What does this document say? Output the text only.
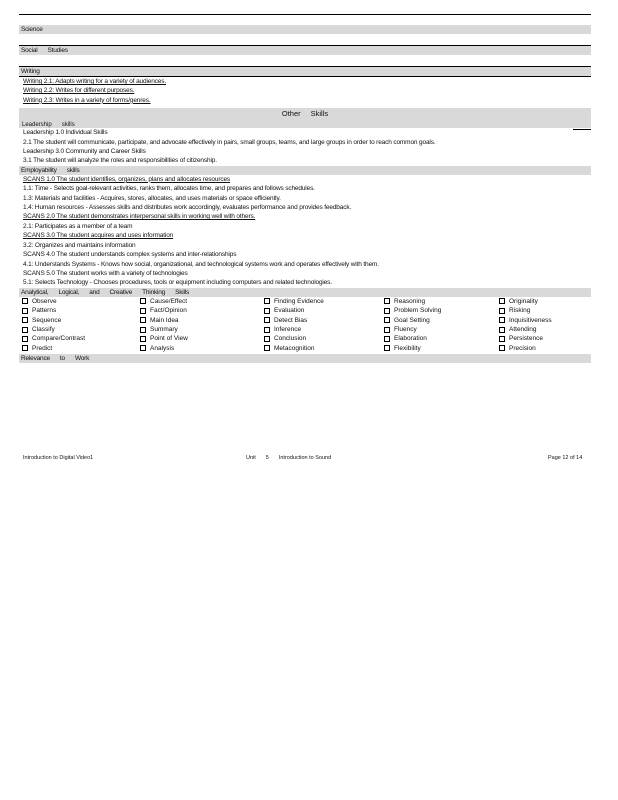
Science
Social Studies
Writing
Writing 2.1: Adapts writing for a variety of audiences.
Writing 2.2: Writes for different purposes.
Writing 2.3: Writes in a variety of forms/genres.
Other Skills
Leadership skills
Leadership 1.0 Individual Skills
2.1 The student will communicate, participate, and advocate effectively in pairs, small groups, teams, and large groups in order to reach common goals.
Leadership 3.0 Community and Career Skills
3.1 The student will analyze the roles and responsibilities of citizenship.
Employability skills
SCANS 1.0 The student identifies, organizes, plans and allocates resources
1.1: Time - Selects goal-relevant activities, ranks them, allocates time, and prepares and follows schedules.
1.3: Materials and facilities - Acquires, stores, allocates, and uses materials or space efficiently.
1.4: Human resources - Assesses skills and distributes work accordingly, evaluates performance and provides feedback.
SCANS 2.0 The student demonstrates interpersonal skills in working well with others.
2.1: Participates as a member of a team
SCANS 3.0 The student acquires and uses information
3.2: Organizes and maintains information
SCANS 4.0 The student understands complex systems and inter-relationships
4.1: Understands Systems - Knows how social, organizational, and technological systems work and operates effectively with them.
SCANS 5.0 The student works with a variety of technologies
5.1: Selects Technology - Chooses procedures, tools or equipment including computers and related technologies.
Analytical, Logical, and Creative Thinking Skills
Observe	Cause/Effect	Finding Evidence	Reasoning	Originality
Patterns	Fact/Opinion	Evaluation	Problem Solving	Risking
Sequence	Main Idea	Detect Bias	Goal Setting	Inquisitiveness
Classify	Summary	Inference	Fluency	Attending
Compare/Contrast	Point of View	Conclusion	Elaboration	Persistence
Predict	Analysis	Metacognition	Flexibility	Precision
Relevance to Work
Introduction to Digital Video1	Unit 5 Introduction to Sound	Page 12 of 14
